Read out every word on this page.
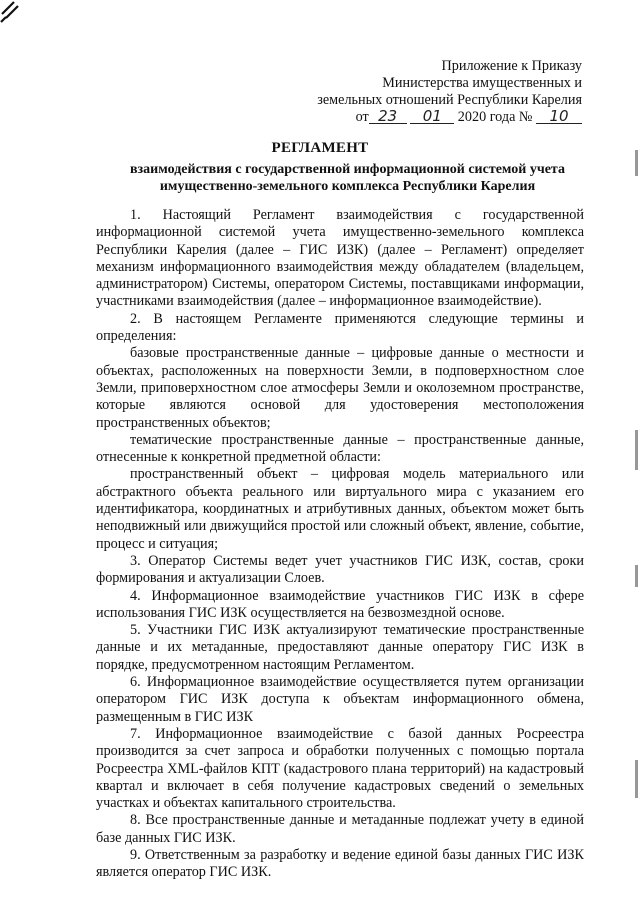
Приложение к Приказу
Министерства имущественных и
земельных отношений Республики Карелия
от 23 01 2020 года № 10
РЕГЛАМЕНТ
взаимодействия с государственной информационной системой учета имущественно-земельного комплекса Республики Карелия

1. Настоящий Регламент взаимодействия с государственной информационной системой учета имущественно-земельного комплекса Республики Карелия (далее – ГИС ИЗК) (далее – Регламент) определяет механизм информационного взаимодействия между обладателем (владельцем, администратором) Системы, оператором Системы, поставщиками информации, участниками взаимодействия (далее – информационное взаимодействие).

2. В настоящем Регламенте применяются следующие термины и определения:

базовые пространственные данные – цифровые данные о местности и объектах, расположенных на поверхности Земли, в подповерхностном слое Земли, приповерхностном слое атмосферы Земли и околоземном пространстве, которые являются основой для удостоверения местоположения пространственных объектов;

тематические пространственные данные – пространственные данные, отнесенные к конкретной предметной области:

пространственный объект – цифровая модель материального или абстрактного объекта реального или виртуального мира с указанием его идентификатора, координатных и атрибутивных данных, объектом может быть неподвижный или движущийся простой или сложный объект, явление, событие, процесс и ситуация;

3. Оператор Системы ведет учет участников ГИС ИЗК, состав, сроки формирования и актуализации Слоев.

4. Информационное взаимодействие участников ГИС ИЗК в сфере использования ГИС ИЗК осуществляется на безвозмездной основе.

5. Участники ГИС ИЗК актуализируют тематические пространственные данные и их метаданные, предоставляют данные оператору ГИС ИЗК в порядке, предусмотренном настоящим Регламентом.

6. Информационное взаимодействие осуществляется путем организации оператором ГИС ИЗК доступа к объектам информационного обмена, размещенным в ГИС ИЗК

7. Информационное взаимодействие с базой данных Росреестра производится за счет запроса и обработки полученных с помощью портала Росреестра XML-файлов КПТ (кадастрового плана территорий) на кадастровый квартал и включает в себя получение кадастровых сведений о земельных участках и объектах капитального строительства.

8. Все пространственные данные и метаданные подлежат учету в единой базе данных ГИС ИЗК.

9. Ответственным за разработку и ведение единой базы данных ГИС ИЗК является оператор ГИС ИЗК.
